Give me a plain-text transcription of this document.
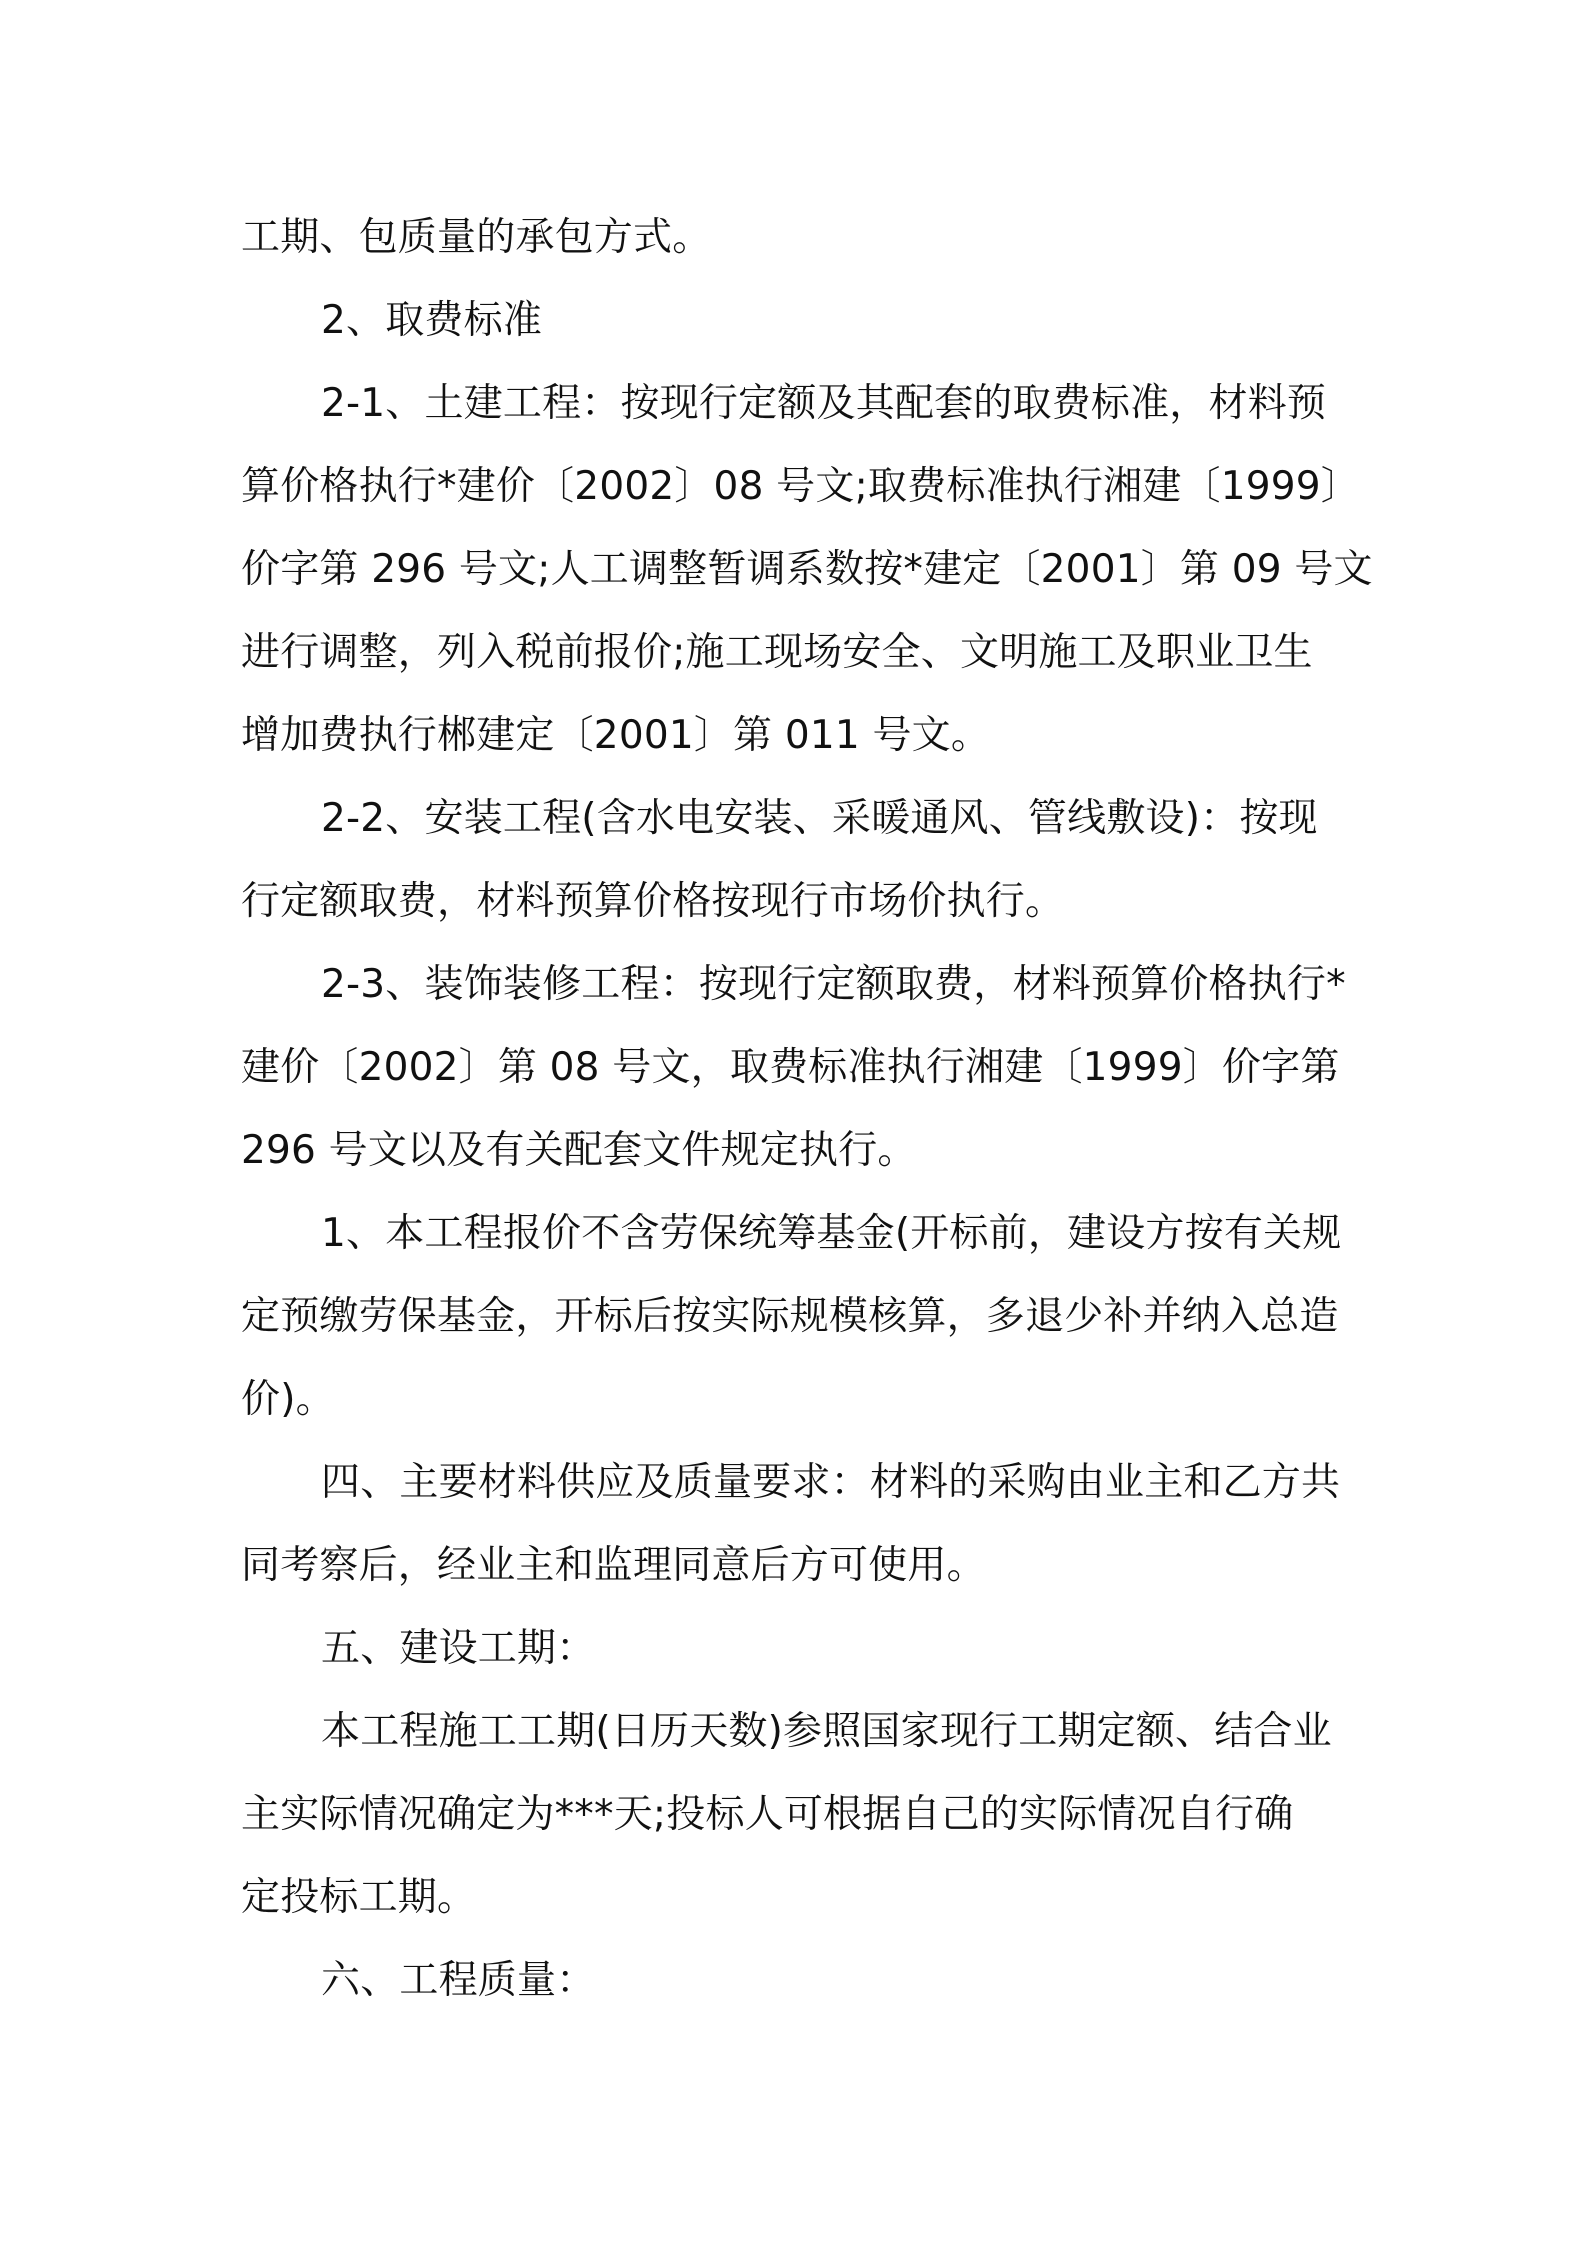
工期、包质量的承包方式。

2、取费标准

2-1、土建工程：按现行定额及其配套的取费标准，材料预

算价格执行*建价〔2002〕08 号文;取费标准执行湘建〔1999〕

价字第 296 号文;人工调整暂调系数按*建定〔2001〕第 09 号文

进行调整，列入税前报价;施工现场安全、文明施工及职业卫生

增加费执行郴建定〔2001〕第 011 号文。

2-2、安装工程(含水电安装、采暖通风、管线敷设)：按现

行定额取费，材料预算价格按现行市场价执行。

2-3、装饰装修工程：按现行定额取费，材料预算价格执行*

建价〔2002〕第 08 号文，取费标准执行湘建〔1999〕价字第

296 号文以及有关配套文件规定执行。

1、本工程报价不含劳保统筹基金(开标前，建设方按有关规

定预缴劳保基金，开标后按实际规模核算，多退少补并纳入总造

价)。

四、主要材料供应及质量要求：材料的采购由业主和乙方共

同考察后，经业主和监理同意后方可使用。

五、建设工期：

本工程施工工期(日历天数)参照国家现行工期定额、结合业

主实际情况确定为***天;投标人可根据自己的实际情况自行确

定投标工期。

六、工程质量：
